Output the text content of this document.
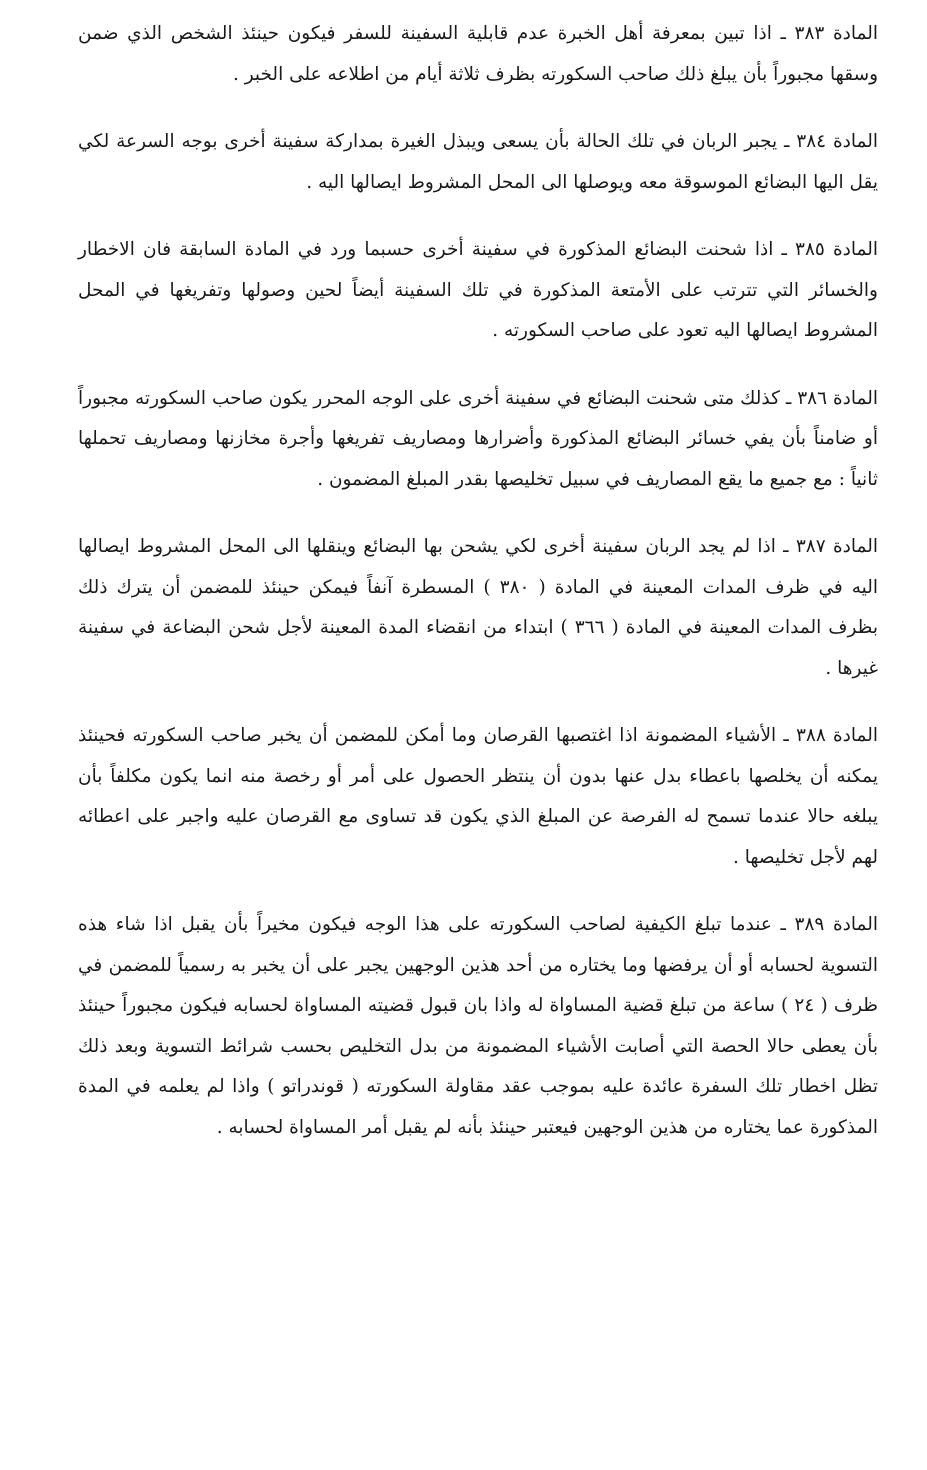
المادة ٣٨٣ ـ اذا تبين بمعرفة أهل الخبرة عدم قابلية السفينة للسفر فيكون حينئذ الشخص الذي ضمن وسقها مجبوراً بأن يبلغ ذلك صاحب السكورته بظرف ثلاثة أيام من اطلاعه على الخبر .

المادة ٣٨٤ ـ يجبر الربان في تلك الحالة بأن يسعى ويبذل الغيرة بمداركة سفينة أخرى بوجه السرعة لكي يقل اليها البضائع الموسوقة معه ويوصلها الى المحل المشروط ايصالها اليه .

المادة ٣٨٥ ـ اذا شحنت البضائع المذكورة في سفينة أخرى حسبما ورد في المادة السابقة فان الاخطار والخسائر التي تترتب على الأمتعة المذكورة في تلك السفينة أيضاً لحين وصولها وتفريغها في المحل المشروط ايصالها اليه تعود على صاحب السكورته .

المادة ٣٨٦ ـ كذلك متى شحنت البضائع في سفينة أخرى على الوجه المحرر يكون صاحب السكورته مجبوراً أو ضامناً بأن يفي خسائر البضائع المذكورة وأضرارها ومصاريف تفريغها وأجرة مخازنها ومصاريف تحملها ثانياً : مع جميع ما يقع المصاريف في سبيل تخليصها بقدر المبلغ المضمون .

المادة ٣٨٧ ـ اذا لم يجد الربان سفينة أخرى لكي يشحن بها البضائع وينقلها الى المحل المشروط ايصالها اليه في ظرف المدات المعينة في المادة ( ٣٨٠ ) المسطرة آنفاً فيمكن حينئذ للمضمن أن يترك ذلك بظرف المدات المعينة في المادة ( ٣٦٦ ) ابتداء من انقضاء المدة المعينة لأجل شحن البضاعة في سفينة غيرها .

المادة ٣٨٨ ـ الأشياء المضمونة اذا اغتصبها القرصان وما أمكن للمضمن أن يخبر صاحب السكورته فحينئذ يمكنه أن يخلصها باعطاء بدل عنها بدون أن ينتظر الحصول على أمر أو رخصة منه انما يكون مكلفاً بأن يبلغه حالا عندما تسمح له الفرصة عن المبلغ الذي يكون قد تساوى مع القرصان عليه واجبر على اعطائه لهم لأجل تخليصها .

المادة ٣٨٩ ـ عندما تبلغ الكيفية لصاحب السكورته على هذا الوجه فيكون مخيراً بأن يقبل اذا شاء هذه التسوية لحسابه أو أن يرفضها وما يختاره من أحد هذين الوجهين يجبر على أن يخبر به رسمياً للمضمن في ظرف ( ٢٤ ) ساعة من تبلغ قضية المساواة له واذا بان قبول قضيته المساواة لحسابه فيكون مجبوراً حينئذ بأن يعطى حالا الحصة التي أصابت الأشياء المضمونة من بدل التخليص بحسب شرائط التسوية وبعد ذلك تظل اخطار تلك السفرة عائدة عليه بموجب عقد مقاولة السكورته ( قوندراتو ) واذا لم يعلمه في المدة المذكورة عما يختاره من هذين الوجهين فيعتبر حينئذ بأنه لم يقبل أمر المساواة لحسابه .
